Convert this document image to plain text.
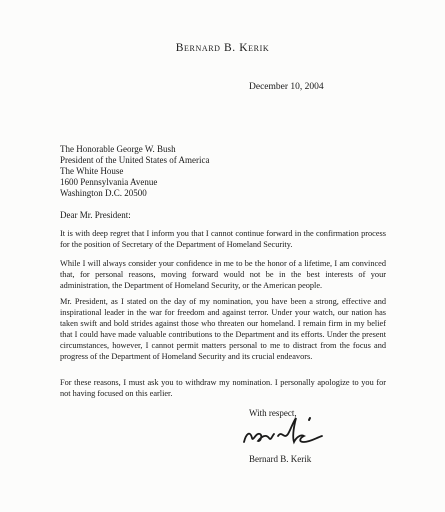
Bernard B. Kerik
December 10, 2004
The Honorable George W. Bush
President of the United States of America
The White House
1600 Pennsylvania Avenue
Washington D.C. 20500
Dear Mr. President:
It is with deep regret that I inform you that I cannot continue forward in the confirmation process for the position of Secretary of the Department of Homeland Security.
While I will always consider your confidence in me to be the honor of a lifetime, I am convinced that, for personal reasons, moving forward would not be in the best interests of your administration, the Department of Homeland Security, or the American people.
Mr. President, as I stated on the day of my nomination, you have been a strong, effective and inspirational leader in the war for freedom and against terror. Under your watch, our nation has taken swift and bold strides against those who threaten our homeland. I remain firm in my belief that I could have made valuable contributions to the Department and its efforts. Under the present circumstances, however, I cannot permit matters personal to me to distract from the focus and progress of the Department of Homeland Security and its crucial endeavors.
For these reasons, I must ask you to withdraw my nomination. I personally apologize to you for not having focused on this earlier.
With respect,
Bernard B. Kerik
